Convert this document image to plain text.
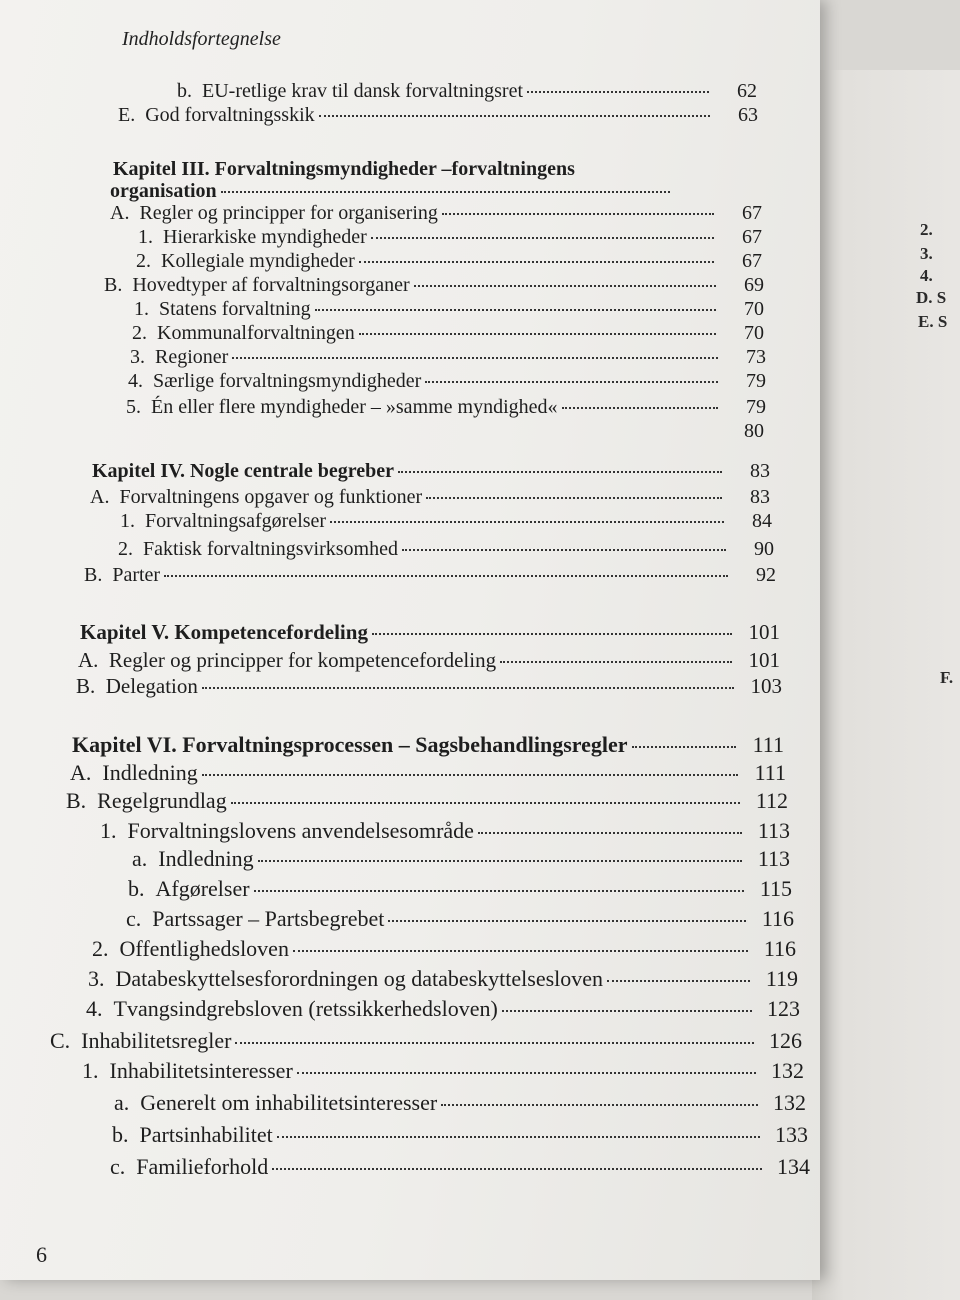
2.
3.
4.
D. S
E. S
F.
Indholdsfortegnelse
b. EU-retlige krav til dansk forvaltningsret	62
E. God forvaltningsskik	63
Kapitel III. Forvaltningsmyndigheder –forvaltningens
organisation
A. Regler og principper for organisering	67
1. Hierarkiske myndigheder	67
2. Kollegiale myndigheder	67
B. Hovedtyper af forvaltningsorganer	69
1. Statens forvaltning	70
2. Kommunalforvaltningen	70
3. Regioner	73
4. Særlige forvaltningsmyndigheder	79
5. Én eller flere myndigheder – »samme myndighed«	79
80
Kapitel IV. Nogle centrale begreber	83
A. Forvaltningens opgaver og funktioner	83
1. Forvaltningsafgørelser	84
2. Faktisk forvaltningsvirksomhed	90
B. Parter	92
Kapitel V. Kompetencefordeling	101
A. Regler og principper for kompetencefordeling	101
B. Delegation	103
Kapitel VI. Forvaltningsprocessen – Sagsbehandlingsregler	111
A. Indledning	111
B. Regelgrundlag	112
1. Forvaltningslovens anvendelsesområde	113
a. Indledning	113
b. Afgørelser	115
c. Partssager – Partsbegrebet	116
2. Offentlighedsloven	116
3. Databeskyttelsesforordningen og databeskyttelsesloven	119
4. Tvangsindgrebsloven (retssikkerhedsloven)	123
C. Inhabilitetsregler	126
1. Inhabilitetsinteresser	132
a. Generelt om inhabilitetsinteresser	132
b. Partsinhabilitet	133
c. Familieforhold	134
6
